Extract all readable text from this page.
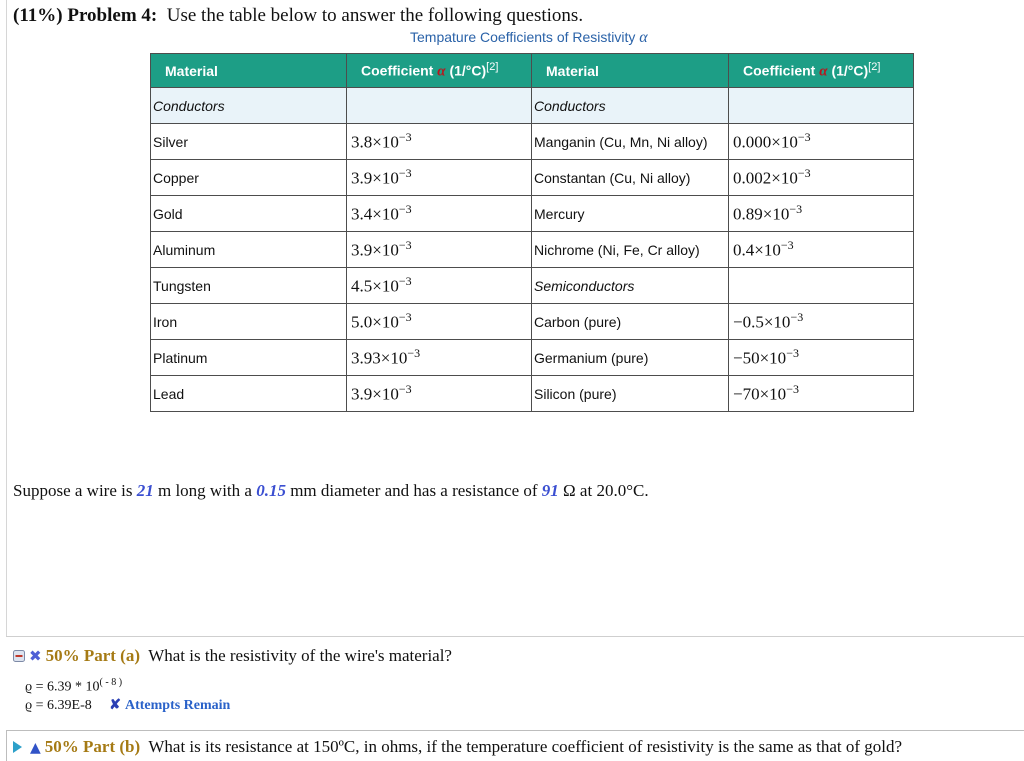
(11%) Problem 4: Use the table below to answer the following questions.
Tempature Coefficients of Resistivity α
Material	Coefficient α (1/°C)[2]	Material	Coefficient α (1/°C)[2]
Conductors		Conductors	
Silver	$3.8\times 10^{-3}$	Manganin (Cu, Mn, Ni alloy)	$0.000\times 10^{-3}$
Copper	$3.9\times 10^{-3}$	Constantan (Cu, Ni alloy)	$0.002\times 10^{-3}$
Gold	$3.4\times 10^{-3}$	Mercury	$0.89\times 10^{-3}$
Aluminum	$3.9\times 10^{-3}$	Nichrome (Ni, Fe, Cr alloy)	$0.4\times 10^{-3}$
Tungsten	$4.5\times 10^{-3}$	Semiconductors	
Iron	$5.0\times 10^{-3}$	Carbon (pure)	$-0.5\times 10^{-3}$
Platinum	$3.93\times 10^{-3}$	Germanium (pure)	$-50\times 10^{-3}$
Lead	$3.9\times 10^{-3}$	Silicon (pure)	$-70\times 10^{-3}$
Suppose a wire is 21 m long with a 0.15 mm diameter and has a resistance of 91 Ω at 20.0°C.
✖ 50% Part (a) What is the resistivity of the wire's material?
$ϱ = 6.39 * 10^{( - 8 )}$
ϱ = 6.39E-8 ✘ Attempts Remain
▲ 50% Part (b) What is its resistance at 150ºC, in ohms, if the temperature coefficient of resistivity is the same as that of gold?
